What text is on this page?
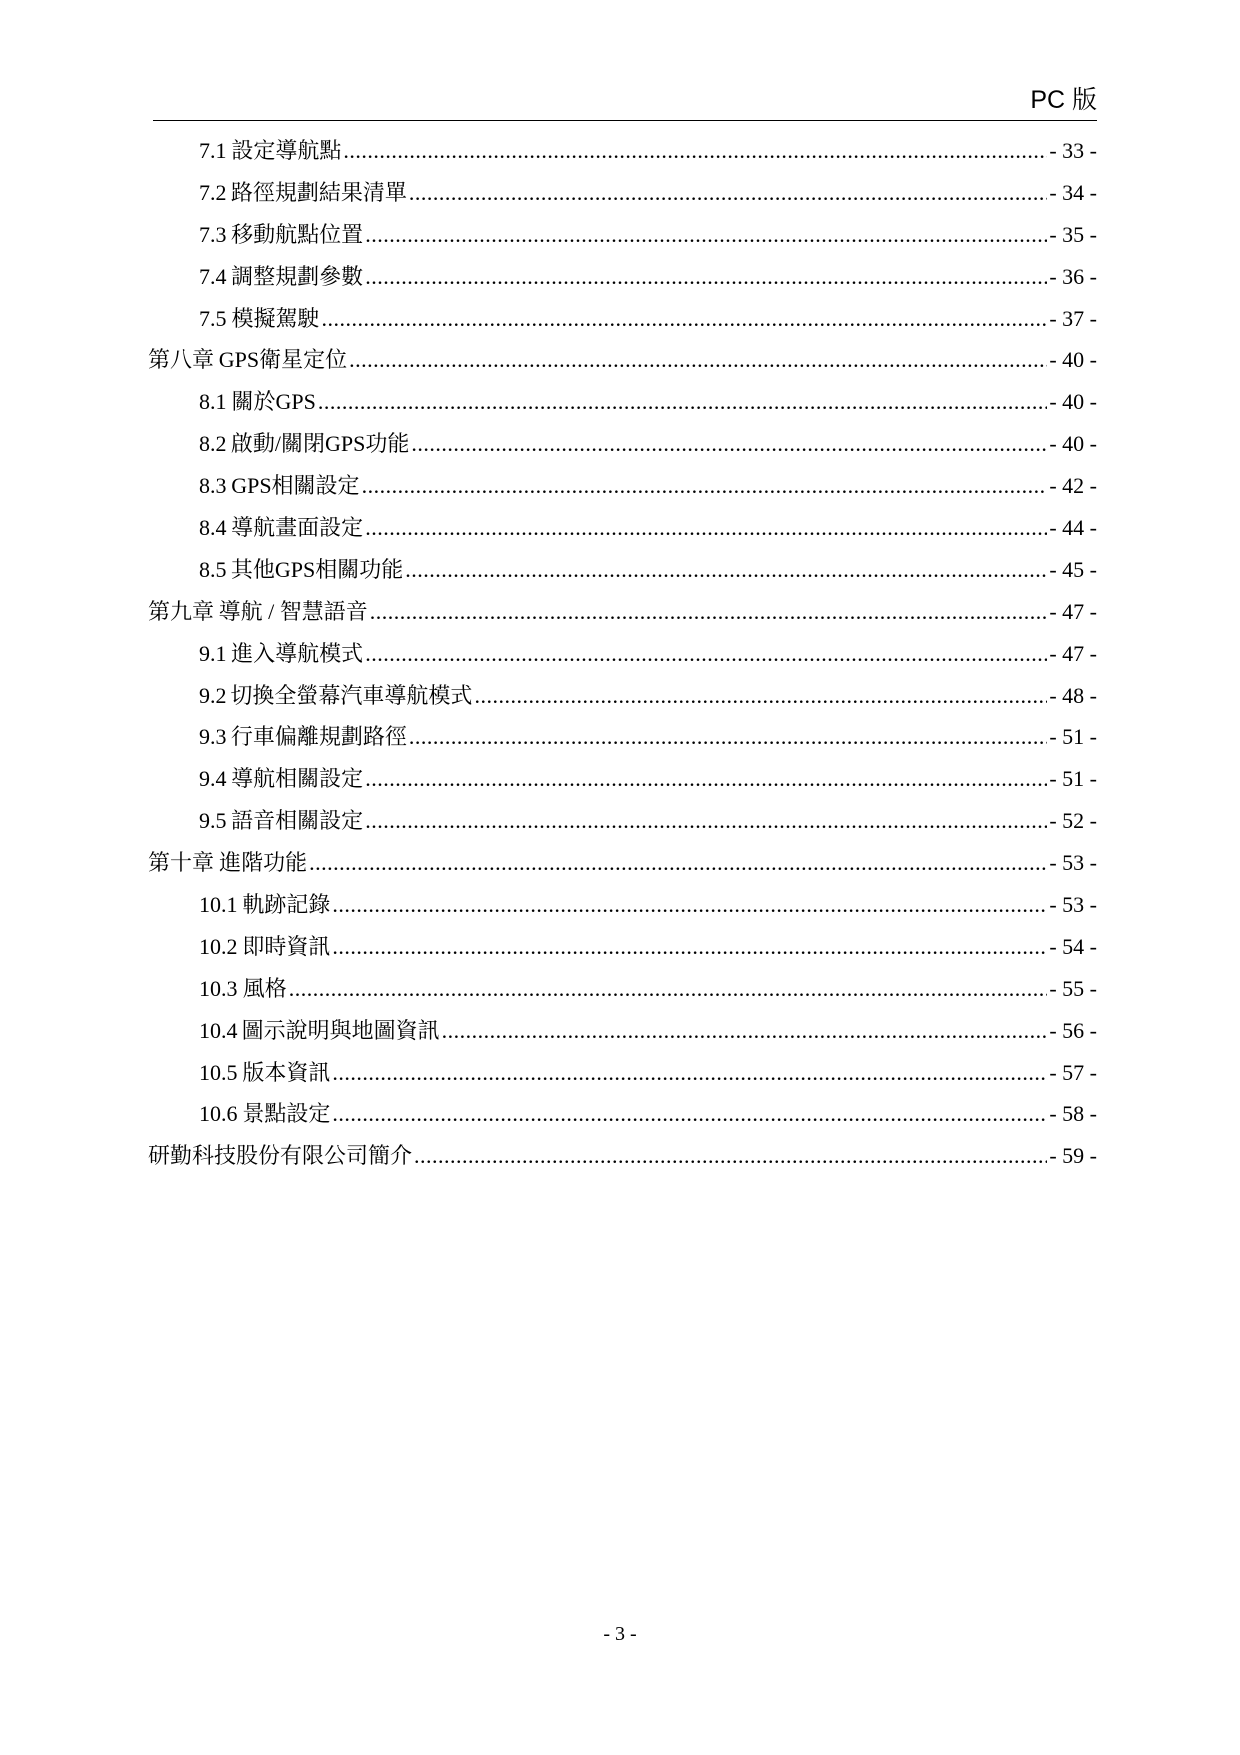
PC 版
7.1 設定導航點 .....	- 33 -
7.2 路徑規劃結果清單 .....	- 34 -
7.3 移動航點位置 .....	- 35 -
7.4 調整規劃參數 .....	- 36 -
7.5 模擬駕駛 .....	- 37 -
第八章 GPS衛星定位 .....	- 40 -
8.1 關於GPS .....	- 40 -
8.2 啟動/關閉GPS功能 .....	- 40 -
8.3 GPS相關設定 .....	- 42 -
8.4 導航畫面設定 .....	- 44 -
8.5 其他GPS相關功能 .....	- 45 -
第九章 導航 / 智慧語音 .....	- 47 -
9.1 進入導航模式 .....	- 47 -
9.2 切換全螢幕汽車導航模式 .....	- 48 -
9.3 行車偏離規劃路徑 .....	- 51 -
9.4 導航相關設定 .....	- 51 -
9.5 語音相關設定 .....	- 52 -
第十章 進階功能 .....	- 53 -
10.1 軌跡記錄 .....	- 53 -
10.2 即時資訊 .....	- 54 -
10.3 風格 .....	- 55 -
10.4 圖示說明與地圖資訊 .....	- 56 -
10.5 版本資訊 .....	- 57 -
10.6 景點設定 .....	- 58 -
研勤科技股份有限公司簡介 .....	- 59 -
- 3 -
